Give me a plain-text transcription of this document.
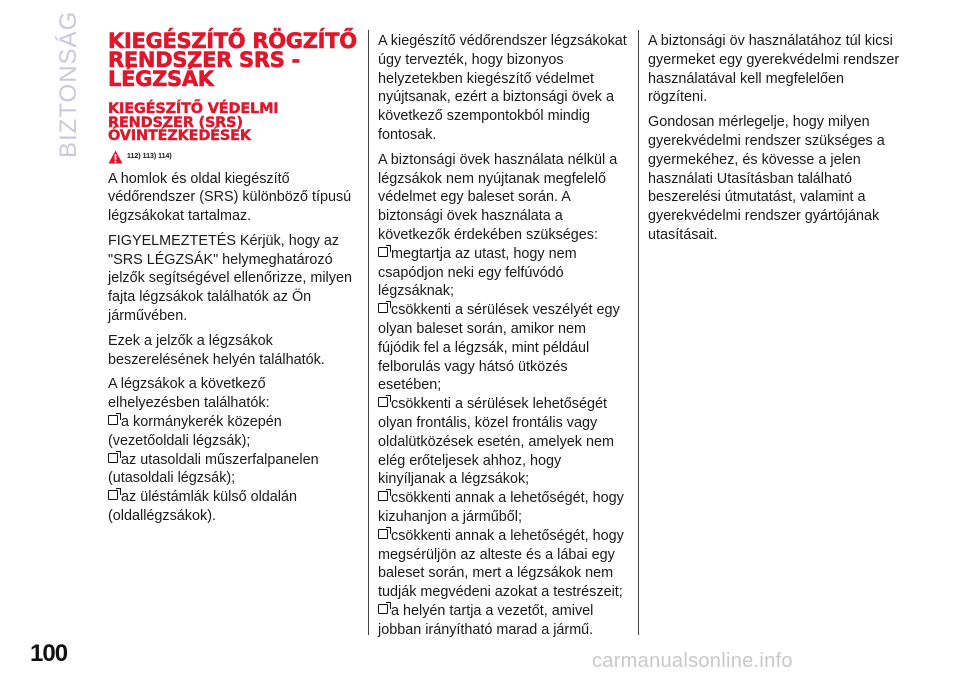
BIZTONSÁG KIEGÉSZÍTŐ RÖGZÍTŐ RENDSZER SRS - LÉGZSÁK
KIEGÉSZÍTŐ VÉDELMI RENDSZER (SRS) ÓVINTÉZKEDÉSEK
112) 113) 114)

A homlok és oldal kiegészítő védőrendszer (SRS) különböző típusú légzsákokat tartalmaz.

FIGYELMEZTETÉS Kérjük, hogy az "SRS LÉGZSÁK" helymeghatározó jelzők segítségével ellenőrizze, milyen fajta légzsákok találhatók az Ön járművében.

Ezek a jelzők a légzsákok beszerelésének helyén találhatók.

A légzsákok a következő elhelyezésben találhatók:

a kormánykerék közepén (vezetőoldali légzsák);
az utasoldali műszerfalpanelen (utasoldali légzsák);
az üléstámlák külső oldalán (oldallégzsákok).

A kiegészítő védőrendszer légzsákokat úgy tervezték, hogy bizonyos helyzetekben kiegészítő védelmet nyújtsanak, ezért a biztonsági övek a következő szempontokból mindig fontosak.

A biztonsági övek használata nélkül a légzsákok nem nyújtanak megfelelő védelmet egy baleset során. A biztonsági övek használata a következők érdekében szükséges:

megtartja az utast, hogy nem csapódjon neki egy felfúvódó légzsáknak;
csökkenti a sérülések veszélyét egy olyan baleset során, amikor nem fújódik fel a légzsák, mint például felborulás vagy hátsó ütközés esetében;
csökkenti a sérülések lehetőségét olyan frontális, közel frontális vagy oldalütközések esetén, amelyek nem elég erőteljesek ahhoz, hogy kinyíljanak a légzsákok;
csökkenti annak a lehetőségét, hogy kizuhanjon a járműből;
csökkenti annak a lehetőségét, hogy megsérüljön az alteste és a lábai egy baleset során, mert a légzsákok nem tudják megvédeni azokat a testrészeit;
a helyén tartja a vezetőt, amivel jobban irányítható marad a jármű.

A biztonsági öv használatához túl kicsi gyermeket egy gyerekvédelmi rendszer használatával kell megfelelően rögzíteni.

Gondosan mérlegelje, hogy milyen gyerekvédelmi rendszer szükséges a gyermekéhez, és kövesse a jelen használati Utasításban található beszerelési útmutatást, valamint a gyerekvédelmi rendszer gyártójának utasításait.

100	carmanualsonline.info
